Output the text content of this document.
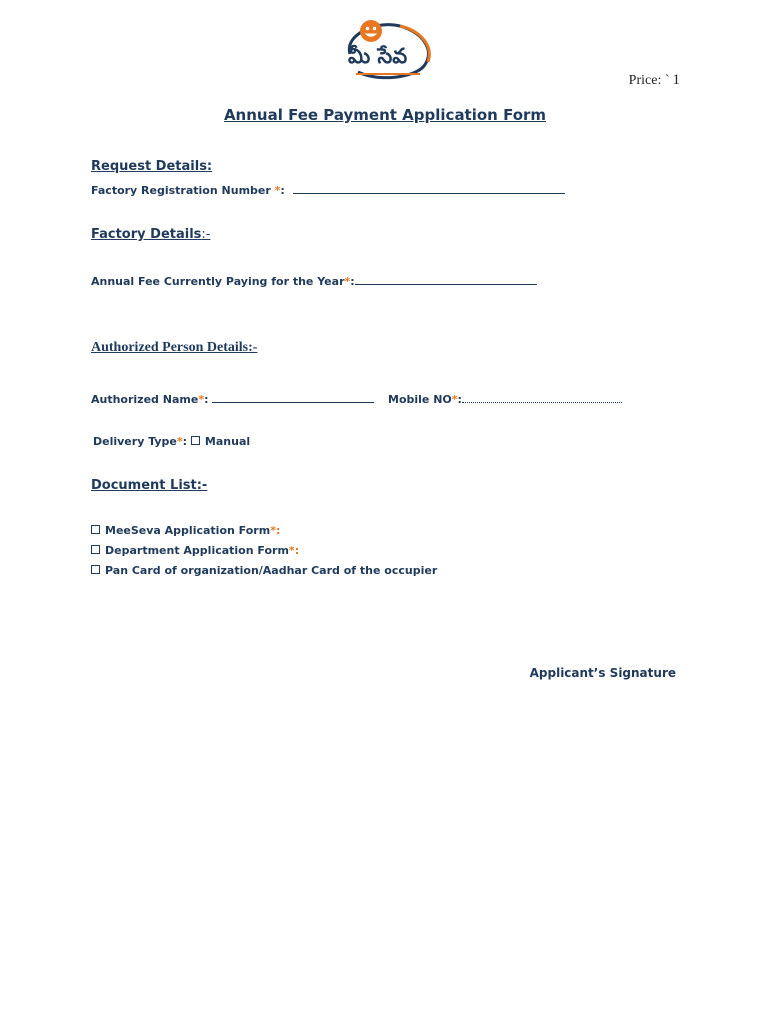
మీ సేవ
Price: ` 1
Annual Fee Payment Application Form
Request Details:
Factory Registration Number *:
Factory Details:-
Annual Fee Currently Paying for the Year*:
Authorized Person Details:-
Authorized Name*:	Mobile NO*:
Delivery Type*: Manual
Document List:-
MeeSeva Application Form*:
Department Application Form*:
Pan Card of organization/Aadhar Card of the occupier
Applicant’s Signature
